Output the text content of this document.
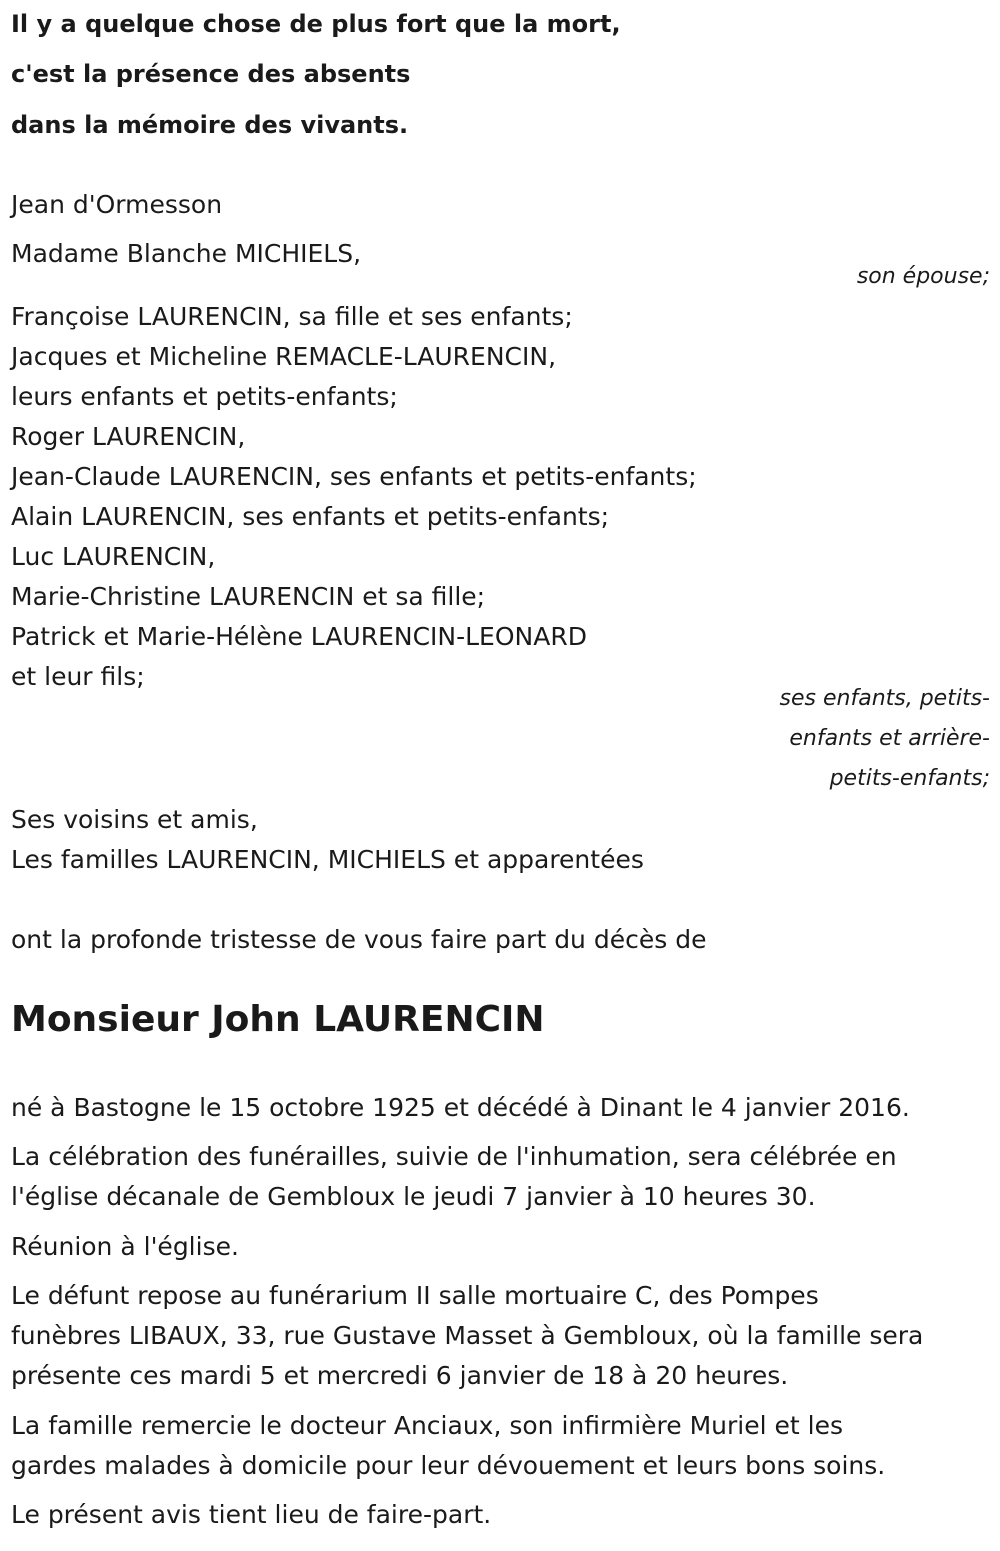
Il y a quelque chose de plus fort que la mort,
c'est la présence des absents
dans la mémoire des vivants.
Jean d'Ormesson
Madame Blanche MICHIELS,
son épouse;
Françoise LAURENCIN, sa fille et ses enfants;
Jacques et Micheline REMACLE-LAURENCIN,
leurs enfants et petits-enfants;
Roger LAURENCIN,
Jean-Claude LAURENCIN, ses enfants et petits-enfants;
Alain LAURENCIN, ses enfants et petits-enfants;
Luc LAURENCIN,
Marie-Christine LAURENCIN et sa fille;
Patrick et Marie-Hélène LAURENCIN-LEONARD
et leur fils;
ses enfants, petits-
enfants et arrière-
petits-enfants;
Ses voisins et amis,
Les familles LAURENCIN, MICHIELS et apparentées
ont la profonde tristesse de vous faire part du décès de
Monsieur John LAURENCIN
né à Bastogne le 15 octobre 1925 et décédé à Dinant le 4 janvier 2016.
La célébration des funérailles, suivie de l'inhumation, sera célébrée en
l'église décanale de Gembloux le jeudi 7 janvier à 10 heures 30.
Réunion à l'église.
Le défunt repose au funérarium II salle mortuaire C, des Pompes
funèbres LIBAUX, 33, rue Gustave Masset à Gembloux, où la famille sera
présente ces mardi 5 et mercredi 6 janvier de 18 à 20 heures.
La famille remercie le docteur Anciaux, son infirmière Muriel et les
gardes malades à domicile pour leur dévouement et leurs bons soins.
Le présent avis tient lieu de faire-part.
